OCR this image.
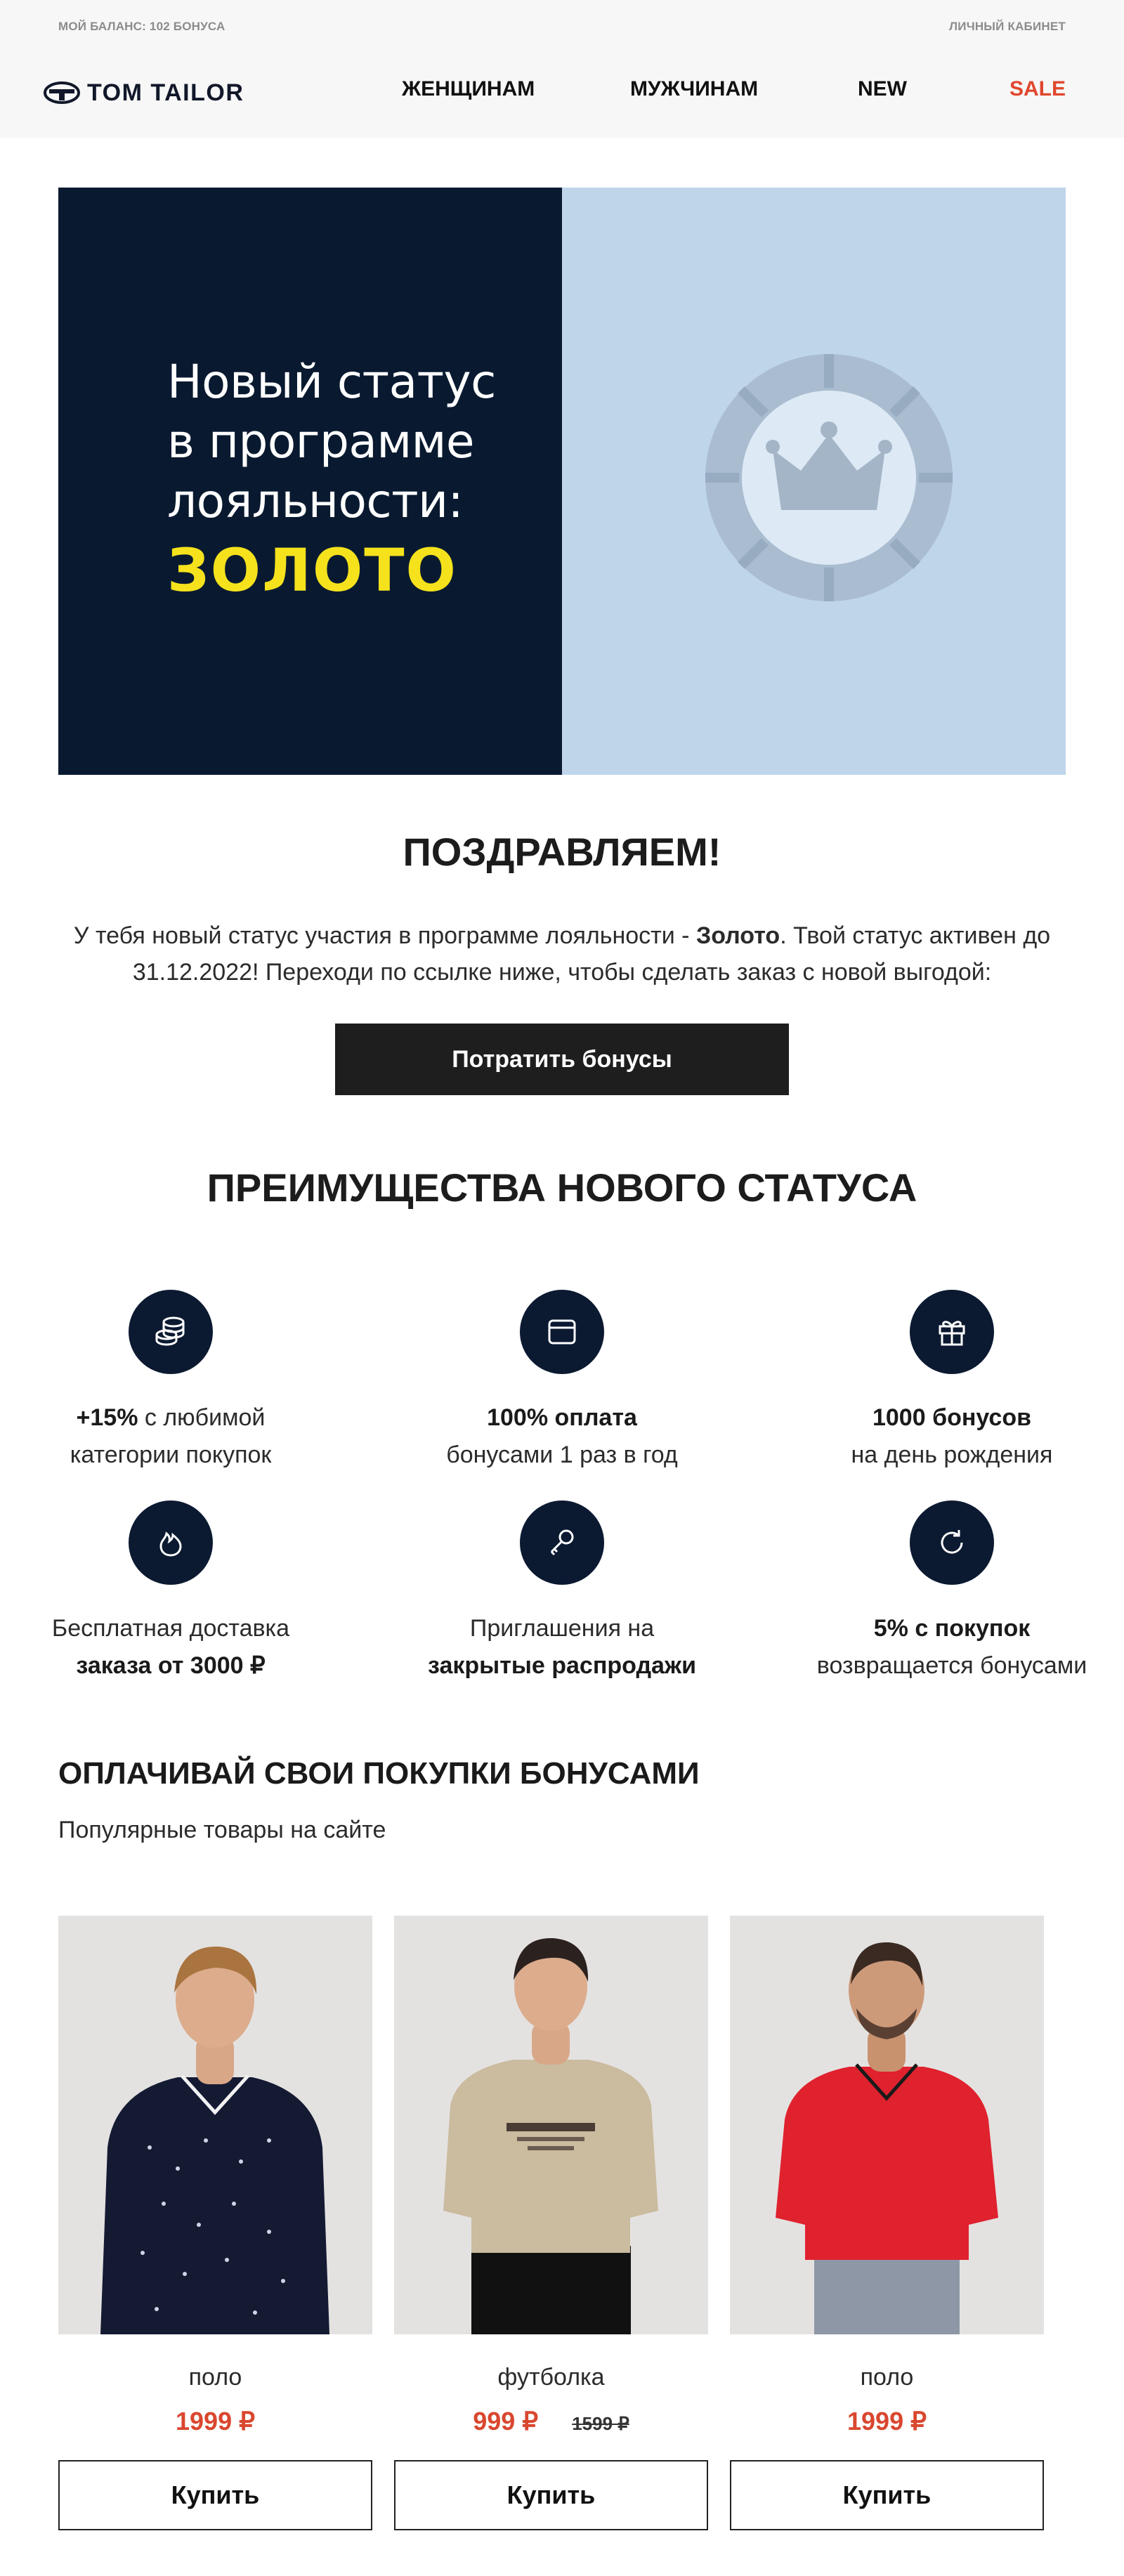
МОЙ БАЛАНС: 102 БОНУСА	ЛИЧНЫЙ КАБИНЕТ
TOM TAILOR	ЖЕНЩИНАМ	МУЖЧИНАМ	NEW	SALE
Новый статус
в программе
лояльности:
ЗОЛОТО
ПОЗДРАВЛЯЕМ!
У тебя новый статус участия в программе лояльности - Золото. Твой статус активен до
31.12.2022! Переходи по ссылке ниже, чтобы сделать заказ с новой выгодой:
Потратить бонусы
ПРЕИМУЩЕСТВА НОВОГО СТАТУСА
+15% с любимой
категории покупок
100% оплата
бонусами 1 раз в год
1000 бонусов
на день рождения
Бесплатная доставка
заказа от 3000 ₽
Приглашения на
закрытые распродажи
5% с покупок
возвращается бонусами
ОПЛАЧИВАЙ СВОИ ПОКУПКИ БОНУСАМИ
Популярные товары на сайте
поло
1999 ₽
Купить
футболка
999 ₽ 1599 ₽
Купить
поло
1999 ₽
Купить
